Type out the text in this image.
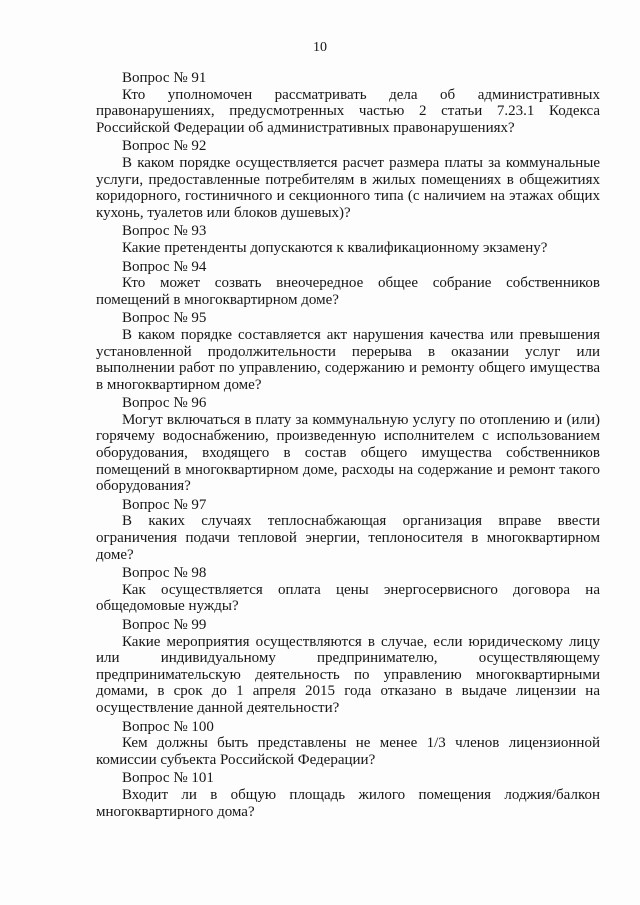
10

Вопрос № 91

Кто уполномочен рассматривать дела об административных правонарушениях, предусмотренных частью 2 статьи 7.23.1 Кодекса Российской Федерации об административных правонарушениях?

Вопрос № 92

В каком порядке осуществляется расчет размера платы за коммунальные услуги, предоставленные потребителям в жилых помещениях в общежитиях коридорного, гостиничного и секционного типа (с наличием на этажах общих кухонь, туалетов или блоков душевых)?

Вопрос № 93

Какие претенденты допускаются к квалификационному экзамену?

Вопрос № 94

Кто может созвать внеочередное общее собрание собственников помещений в многоквартирном доме?

Вопрос № 95

В каком порядке составляется акт нарушения качества или превышения установленной продолжительности перерыва в оказании услуг или выполнении работ по управлению, содержанию и ремонту общего имущества в многоквартирном доме?

Вопрос № 96

Могут включаться в плату за коммунальную услугу по отоплению и (или) горячему водоснабжению, произведенную исполнителем с использованием оборудования, входящего в состав общего имущества собственников помещений в многоквартирном доме, расходы на содержание и ремонт такого оборудования?

Вопрос № 97

В каких случаях теплоснабжающая организация вправе ввести ограничения подачи тепловой энергии, теплоносителя в многоквартирном доме?

Вопрос № 98

Как осуществляется оплата цены энергосервисного договора на общедомовые нужды?

Вопрос № 99

Какие мероприятия осуществляются в случае, если юридическому лицу или индивидуальному предпринимателю, осуществляющему предпринимательскую деятельность по управлению многоквартирными домами, в срок до 1 апреля 2015 года отказано в выдаче лицензии на осуществление данной деятельности?

Вопрос № 100

Кем должны быть представлены не менее 1/3 членов лицензионной комиссии субъекта Российской Федерации?

Вопрос № 101

Входит ли в общую площадь жилого помещения лоджия/балкон многоквартирного дома?
